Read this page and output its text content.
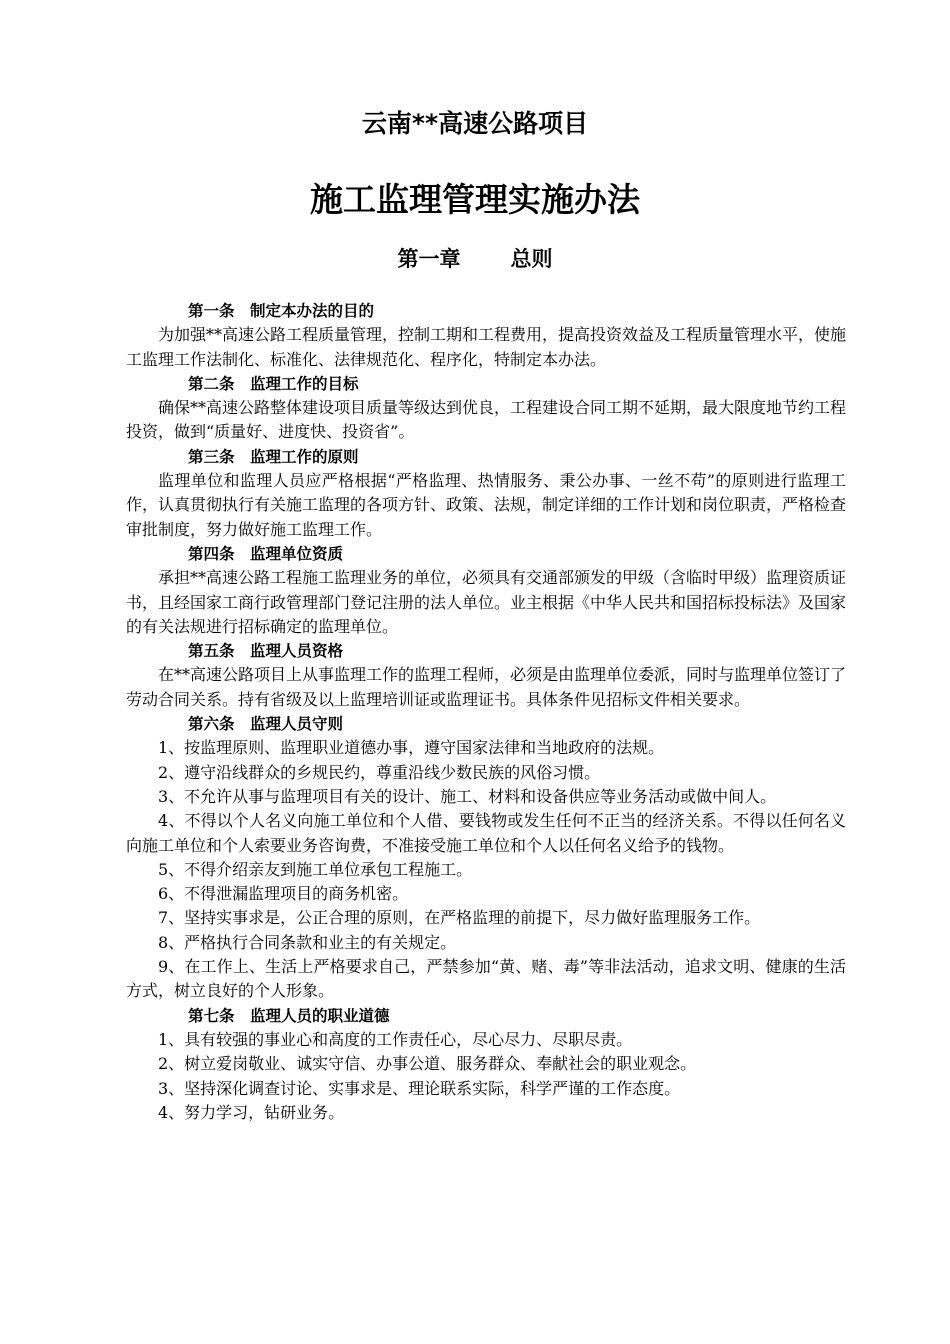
云南**高速公路项目
施工监理管理实施办法
第一章 总则

第一条 制定本办法的目的

为加强**高速公路工程质量管理，控制工期和工程费用，提高投资效益及工程质量管理水平，使施工监理工作法制化、标准化、法律规范化、程序化，特制定本办法。

第二条 监理工作的目标

确保**高速公路整体建设项目质量等级达到优良，工程建设合同工期不延期，最大限度地节约工程投资，做到“质量好、进度快、投资省”。

第三条 监理工作的原则

监理单位和监理人员应严格根据“严格监理、热情服务、秉公办事、一丝不苟”的原则进行监理工作，认真贯彻执行有关施工监理的各项方针、政策、法规，制定详细的工作计划和岗位职责，严格检查审批制度，努力做好施工监理工作。

第四条 监理单位资质

承担**高速公路工程施工监理业务的单位，必须具有交通部颁发的甲级（含临时甲级）监理资质证书，且经国家工商行政管理部门登记注册的法人单位。业主根据《中华人民共和国招标投标法》及国家的有关法规进行招标确定的监理单位。

第五条 监理人员资格

在**高速公路项目上从事监理工作的监理工程师，必须是由监理单位委派，同时与监理单位签订了劳动合同关系。持有省级及以上监理培训证或监理证书。具体条件见招标文件相关要求。

第六条 监理人员守则

1、按监理原则、监理职业道德办事，遵守国家法律和当地政府的法规。

2、遵守沿线群众的乡规民约，尊重沿线少数民族的风俗习惯。

3、不允许从事与监理项目有关的设计、施工、材料和设备供应等业务活动或做中间人。

4、不得以个人名义向施工单位和个人借、要钱物或发生任何不正当的经济关系。不得以任何名义向施工单位和个人索要业务咨询费，不准接受施工单位和个人以任何名义给予的钱物。

5、不得介绍亲友到施工单位承包工程施工。

6、不得泄漏监理项目的商务机密。

7、坚持实事求是，公正合理的原则，在严格监理的前提下，尽力做好监理服务工作。

8、严格执行合同条款和业主的有关规定。

9、在工作上、生活上严格要求自己，严禁参加“黄、赌、毒”等非法活动，追求文明、健康的生活方式，树立良好的个人形象。

第七条 监理人员的职业道德

1、具有较强的事业心和高度的工作责任心，尽心尽力、尽职尽责。

2、树立爱岗敬业、诚实守信、办事公道、服务群众、奉献社会的职业观念。

3、坚持深化调查讨论、实事求是、理论联系实际，科学严谨的工作态度。

4、努力学习，钻研业务。
